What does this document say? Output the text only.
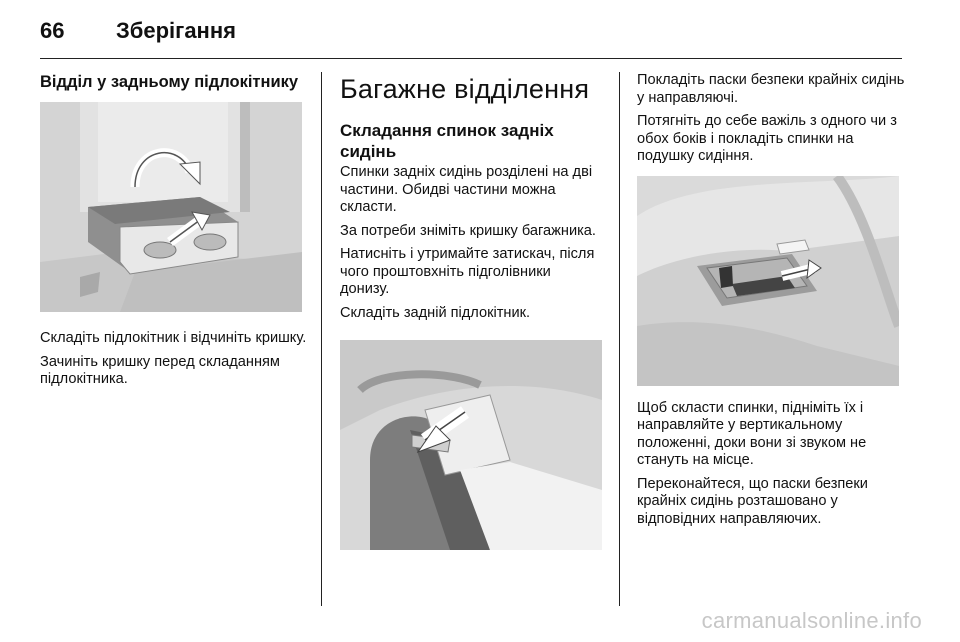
66 Зберігання
Відділ у задньому підлокітнику

Складіть підлокітник і відчиніть кришку.

Зачиніть кришку перед складанням підлокітника.

Багажне відділення
Складання спинок задніх сидінь

Спинки задніх сидінь розділені на дві частини. Обидві частини можна скласти.

За потреби зніміть кришку багажника.

Натисніть і утримайте затискач, після чого проштовхніть підголівники донизу.

Складіть задній підлокітник.

Покладіть паски безпеки крайніх сидінь у направляючі.

Потягніть до себе важіль з одного чи з обох боків і покладіть спинки на подушку сидіння.

Щоб скласти спинки, підніміть їх і направляйте у вертикальному положенні, доки вони зі звуком не стануть на місце.

Переконайтеся, що паски безпеки крайніх сидінь розташовано у відповідних направляючих.

carmanualsonline.info
